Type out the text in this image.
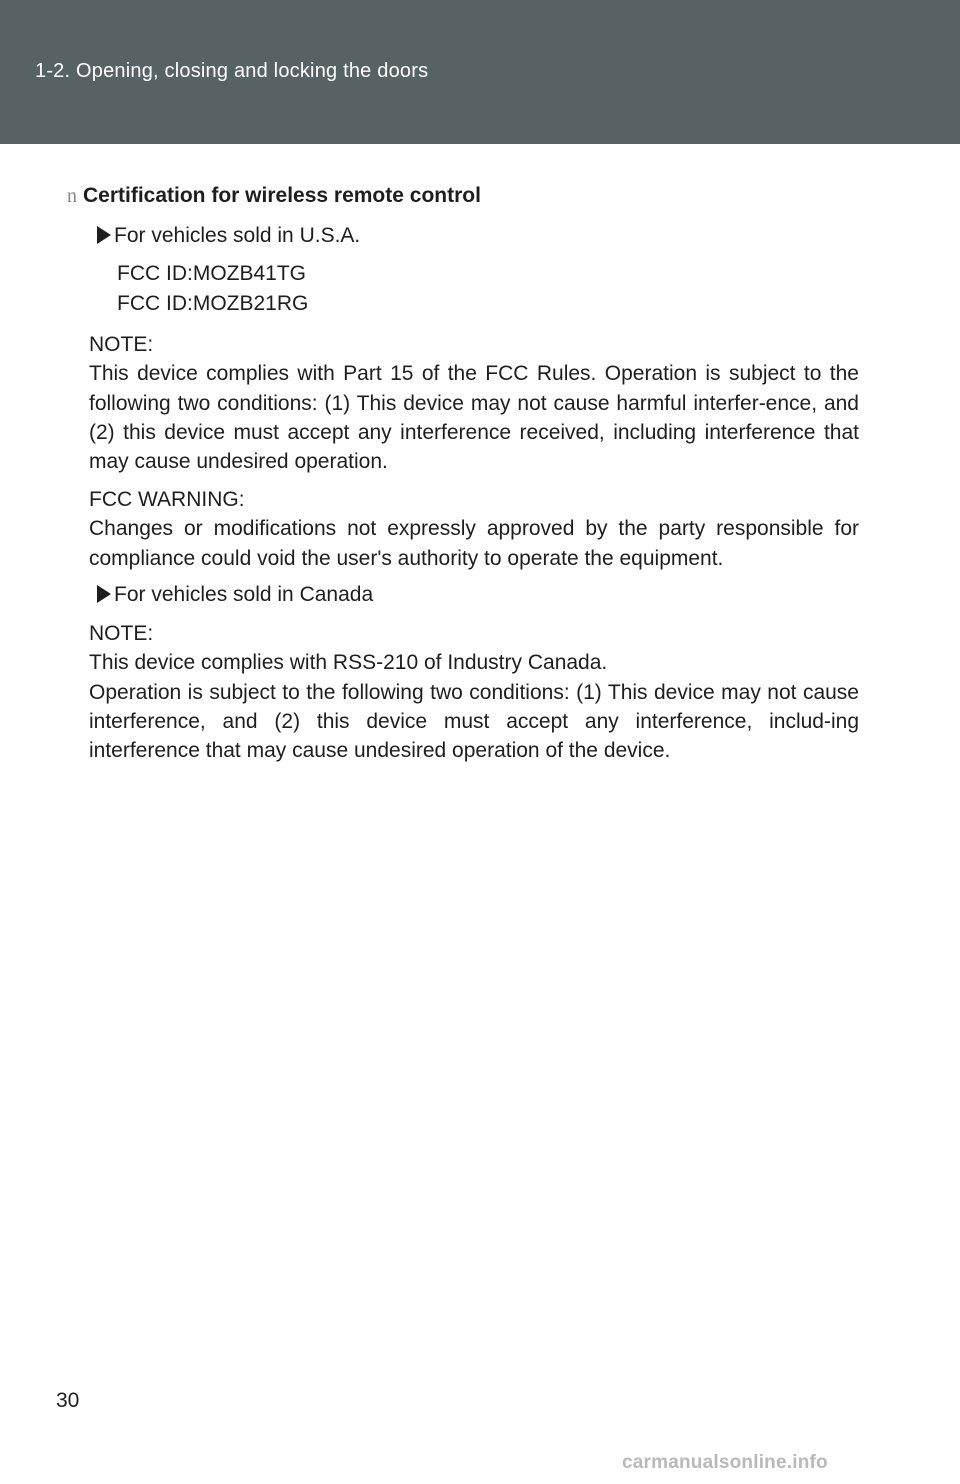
1-2. Opening, closing and locking the doors
n Certification for wireless remote control
For vehicles sold in U.S.A.
FCC ID:MOZB41TG
FCC ID:MOZB21RG
NOTE:
This device complies with Part 15 of the FCC Rules. Operation is subject to the following two conditions: (1) This device may not cause harmful interfer-ence, and (2) this device must accept any interference received, including interference that may cause undesired operation.
FCC WARNING:
Changes or modifications not expressly approved by the party responsible for compliance could void the user's authority to operate the equipment.
For vehicles sold in Canada
NOTE:
This device complies with RSS-210 of Industry Canada.
Operation is subject to the following two conditions: (1) This device may not cause interference, and (2) this device must accept any interference, includ-ing interference that may cause undesired operation of the device.
30
carmanualsonline.info
